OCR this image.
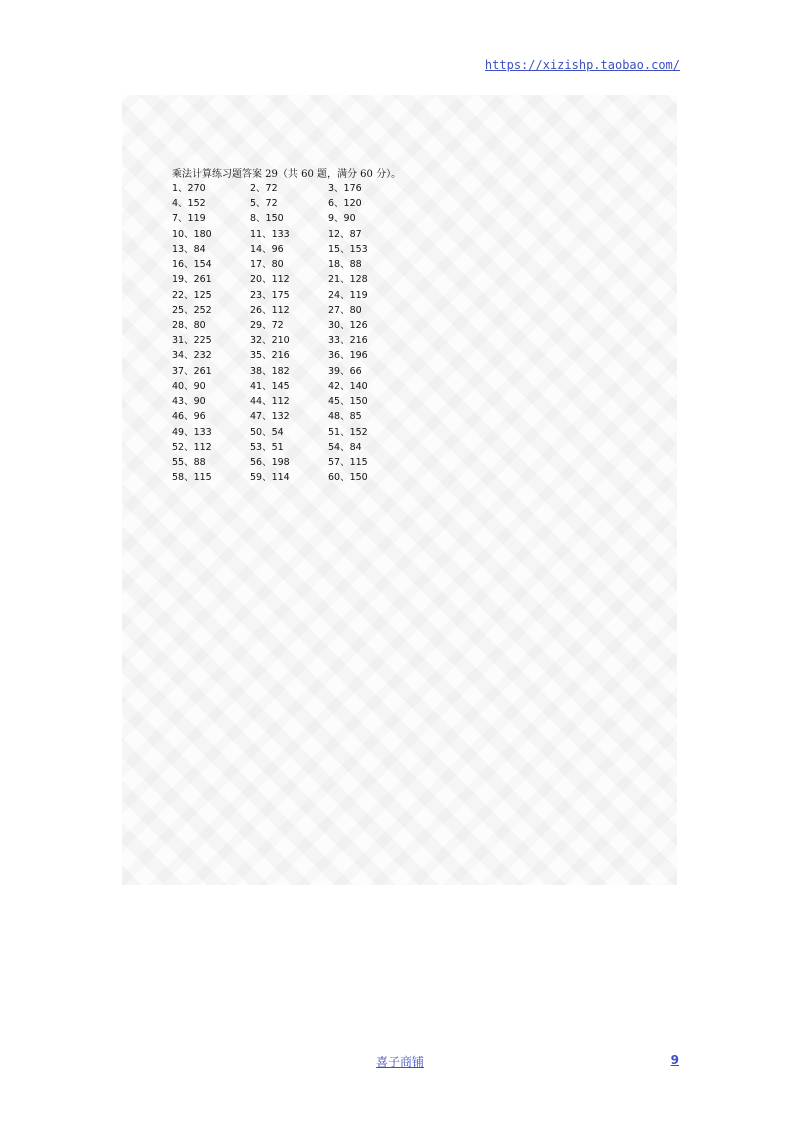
https://xizishp.taobao.com/
乘法计算练习题答案 29（共 60 题，满分 60 分）。
1、270	2、72	3、176
4、152	5、72	6、120
7、119	8、150	9、90
10、180	11、133	12、87
13、84	14、96	15、153
16、154	17、80	18、88
19、261	20、112	21、128
22、125	23、175	24、119
25、252	26、112	27、80
28、80	29、72	30、126
31、225	32、210	33、216
34、232	35、216	36、196
37、261	38、182	39、66
40、90	41、145	42、140
43、90	44、112	45、150
46、96	47、132	48、85
49、133	50、54	51、152
52、112	53、51	54、84
55、88	56、198	57、115
58、115	59、114	60、150
喜子商铺	9
